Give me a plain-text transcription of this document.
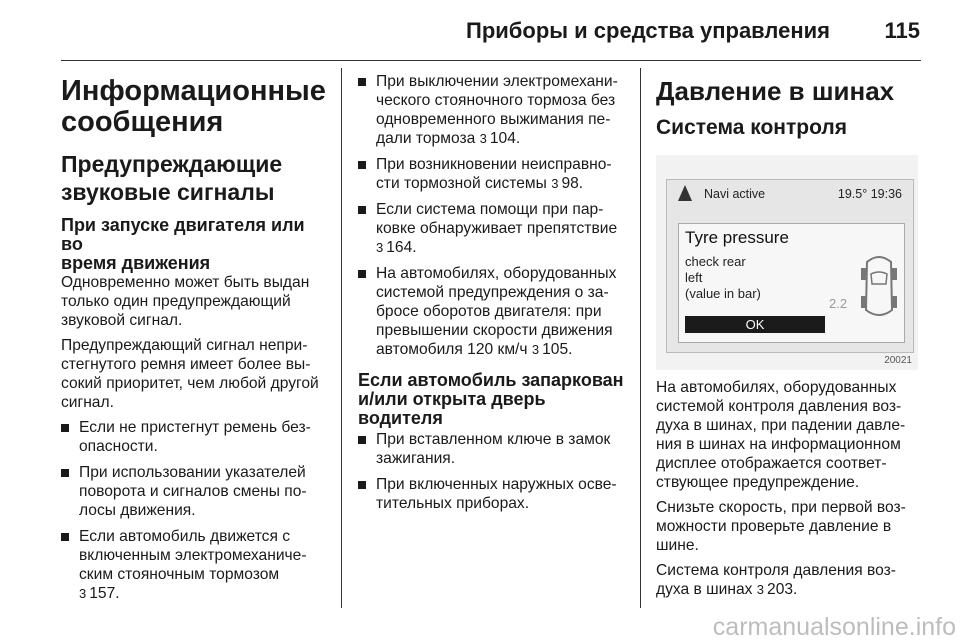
Приборы и средства управления 115
Информационные
сообщения
Предупреждающие
звуковые сигналы
При запуске двигателя или во
время движения
Одновременно может быть выдан
только один предупреждающий
звуковой сигнал.
Предупреждающий сигнал непри-
стегнутого ремня имеет более вы-
сокий приоритет, чем любой другой
сигнал.
Если не пристегнут ремень без-
опасности.
При использовании указателей
поворота и сигналов смены по-
лосы движения.
Если автомобиль движется с
включенным электромеханиче-
ским стояночным тормозом
3 157.
При выключении электромехани-
ческого стояночного тормоза без
одновременного выжимания пе-
дали тормоза 3 104.
При возникновении неисправно-
сти тормозной системы 3 98.
Если система помощи при пар-
ковке обнаруживает препятствие
3 164.
На автомобилях, оборудованных
системой предупреждения о за-
бросе оборотов двигателя: при
превышении скорости движения
автомобиля 120 км/ч 3 105.
Если автомобиль запаркован
и/или открыта дверь водителя
При вставленном ключе в замок
зажигания.
При включенных наружных осве-
тительных приборах.
Давление в шинах
Система контроля
Navi active	19.5° 19:36
Tyre pressure
check rear
left
(value in bar)
OK
2.2
20021
На автомобилях, оборудованных
системой контроля давления воз-
духа в шинах, при падении давле-
ния в шинах на информационном
дисплее отображается соответ-
ствующее предупреждение.
Снизьте скорость, при первой воз-
можности проверьте давление в
шине.
Система контроля давления воз-
духа в шинах 3 203.
carmanualsonline.info
